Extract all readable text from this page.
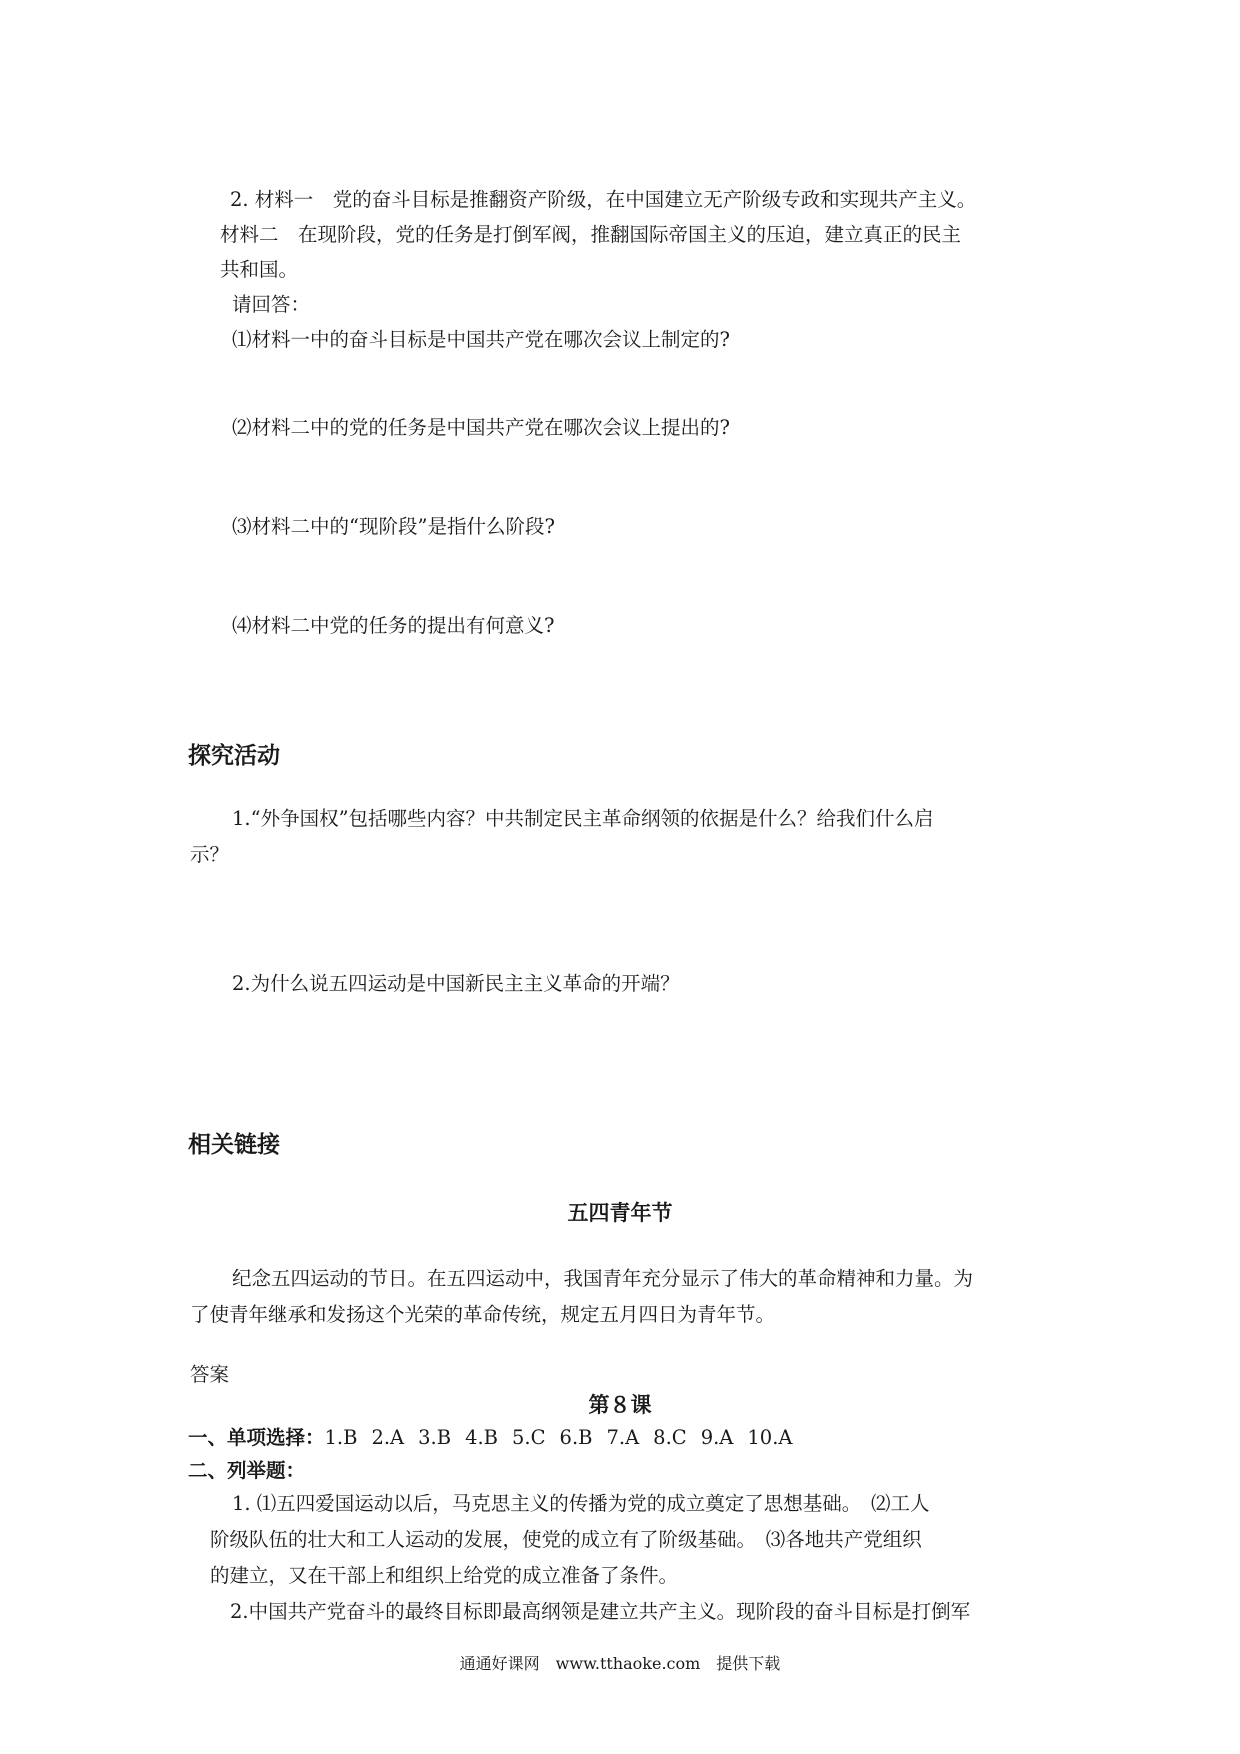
2. 材料一　党的奋斗目标是推翻资产阶级，在中国建立无产阶级专政和实现共产主义。
材料二　在现阶段，党的任务是打倒军阀，推翻国际帝国主义的压迫，建立真正的民主
共和国。
请回答：
⑴材料一中的奋斗目标是中国共产党在哪次会议上制定的?
⑵材料二中的党的任务是中国共产党在哪次会议上提出的?
⑶材料二中的“现阶段”是指什么阶段?
⑷材料二中党的任务的提出有何意义?
探究活动
1.“外争国权”包括哪些内容？中共制定民主革命纲领的依据是什么？给我们什么启
示？
2.为什么说五四运动是中国新民主主义革命的开端？
相关链接
五四青年节
纪念五四运动的节日。在五四运动中，我国青年充分显示了伟大的革命精神和力量。为
了使青年继承和发扬这个光荣的革命传统，规定五月四日为青年节。
答案
第８课
一、单项选择：1.B 2.A 3.B 4.B 5.C 6.B 7.A 8.C 9.A 10.A
二、列举题：
1. ⑴五四爱国运动以后，马克思主义的传播为党的成立奠定了思想基础。　⑵工人
阶级队伍的壮大和工人运动的发展，使党的成立有了阶级基础。　⑶各地共产党组织
的建立，又在干部上和组织上给党的成立准备了条件。
2.中国共产党奋斗的最终目标即最高纲领是建立共产主义。现阶段的奋斗目标是打倒军
通通好课网　www.tthaoke.com　提供下载
